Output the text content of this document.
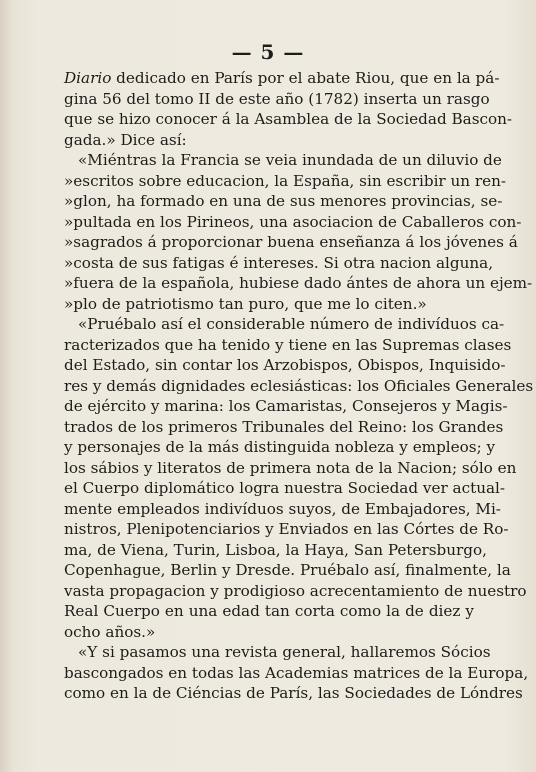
— 5 —
Diario dedicado en París por el abate Riou, que en la pá-
gina 56 del tomo II de este año (1782) inserta un rasgo
que se hizo conocer á la Asamblea de la Sociedad Bascon-
gada.» Dice así:
«Miéntras la Francia se veia inundada de un diluvio de
»escritos sobre educacion, la España, sin escribir un ren-
»glon, ha formado en una de sus menores provincias, se-
»pultada en los Pirineos, una asociacion de Caballeros con-
»sagrados á proporcionar buena enseñanza á los jóvenes á
»costa de sus fatigas é intereses. Si otra nacion alguna,
»fuera de la española, hubiese dado ántes de ahora un ejem-
»plo de patriotismo tan puro, que me lo citen.»
«Pruébalo así el considerable número de indivíduos ca-
racterizados que ha tenido y tiene en las Supremas clases
del Estado, sin contar los Arzobispos, Obispos, Inquisido-
res y demás dignidades eclesiásticas: los Oficiales Generales
de ejército y marina: los Camaristas, Consejeros y Magis-
trados de los primeros Tribunales del Reino: los Grandes
y personajes de la más distinguida nobleza y empleos; y
los sábios y literatos de primera nota de la Nacion; sólo en
el Cuerpo diplomático logra nuestra Sociedad ver actual-
mente empleados indivíduos suyos, de Embajadores, Mi-
nistros, Plenipotenciarios y Enviados en las Córtes de Ro-
ma, de Viena, Turin, Lisboa, la Haya, San Petersburgo,
Copenhague, Berlin y Dresde. Pruébalo así, finalmente, la
vasta propagacion y prodigioso acrecentamiento de nuestro
Real Cuerpo en una edad tan corta como la de diez y
ocho años.»
«Y si pasamos una revista general, hallaremos Sócios
bascongados en todas las Academias matrices de la Europa,
como en la de Ciéncias de París, las Sociedades de Lóndres
